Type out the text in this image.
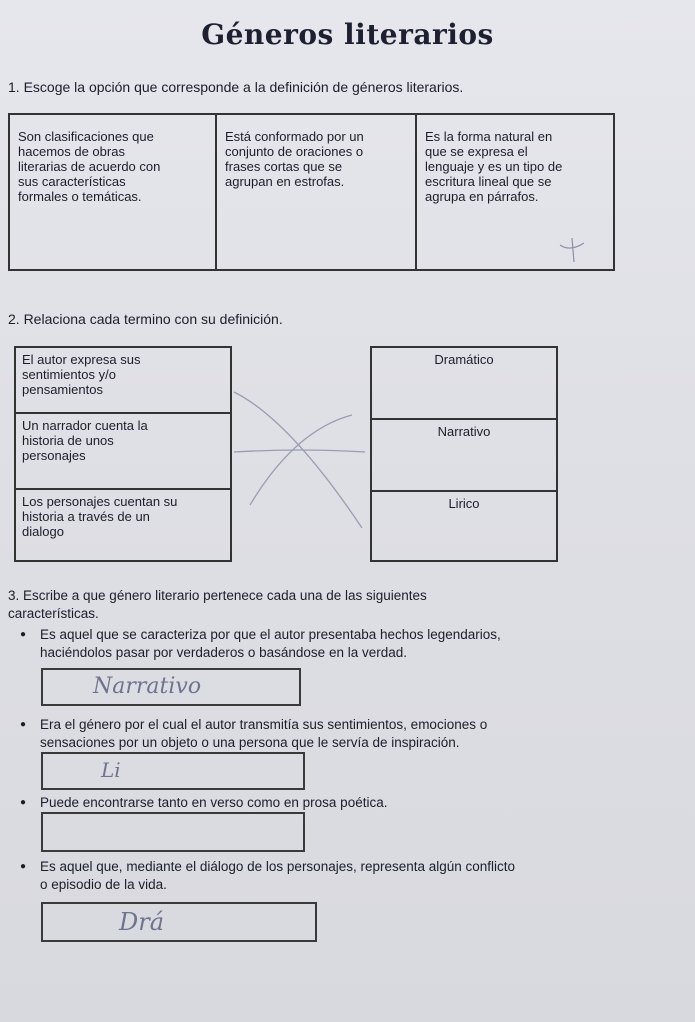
Géneros literarios
1. Escoge la opción que corresponde a la definición de géneros literarios.
Son clasificaciones que
hacemos de obras
literarias de acuerdo con
sus características
formales o temáticas.
Está conformado por un
conjunto de oraciones o
frases cortas que se
agrupan en estrofas.
Es la forma natural en
que se expresa el
lenguaje y es un tipo de
escritura lineal que se
agrupa en párrafos.
2. Relaciona cada termino con su definición.
El autor expresa sus
sentimientos y/o
pensamientos
Un narrador cuenta la
historia de unos
personajes
Los personajes cuentan su
historia a través de un
dialogo
Dramático
Narrativo
Lirico
3. Escribe a que género literario pertenece cada una de las siguientes
características.
● Es aquel que se caracteriza por que el autor presentaba hechos legendarios,
haciéndolos pasar por verdaderos o basándose en la verdad.
Narrativo
● Era el género por el cual el autor transmitía sus sentimientos, emociones o
sensaciones por un objeto o una persona que le servía de inspiración.
Li
● Puede encontrarse tanto en verso como en prosa poética.
● Es aquel que, mediante el diálogo de los personajes, representa algún conflicto
o episodio de la vida.
Drá
